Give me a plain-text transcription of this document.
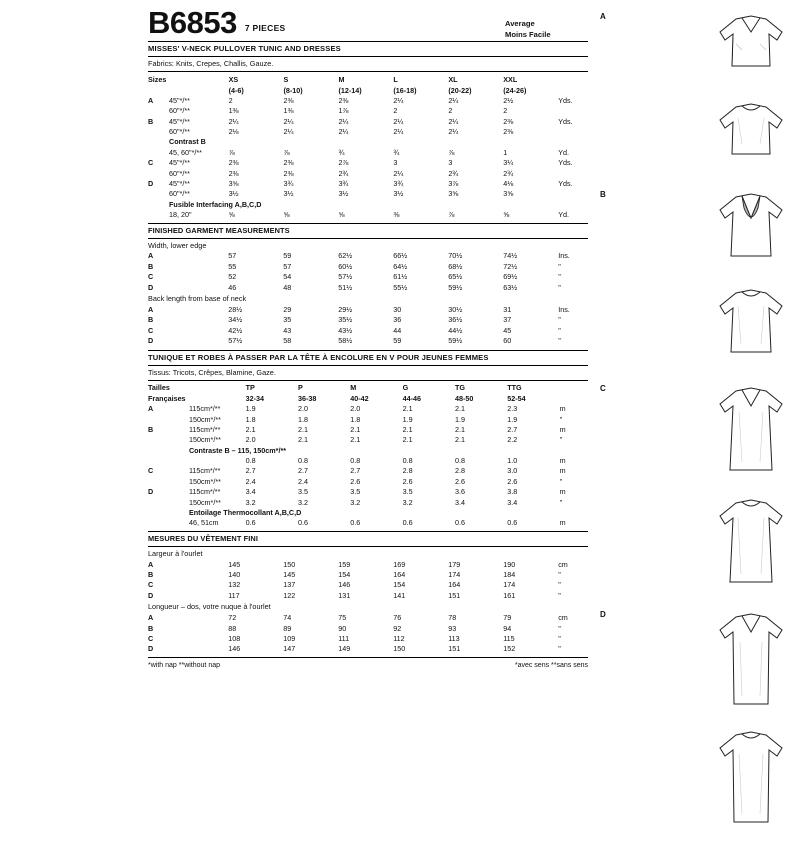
B6853 7 PIECES
MISSES' V-NECK PULLOVER TUNIC AND DRESSES
Fabrics: Knits, Crepes, Challis, Gauze.
Sizes		XS	S	M	L	XL	XXL	
		(4-6)	(8-10)	(12-14)	(16-18)	(20-22)	(24-26)	
A	45"*/**	2	2⅜	2⅜	2¼	2¼	2½	Yds.
	60"*/**	1⅜	1⅜	1⅞	2	2	2	
B	45"*/**	2¼	2¼	2¼	2¼	2¼	2⅜	Yds.
	60"*/**	2⅛	2¼	2¼	2¼	2¼	2⅜	
	Contrast B							
	45, 60"*/**	⅞	⅞	¾	¾	⅞	1	Yd.
C	45"*/**	2⅜	2⅜	2⅞	3	3	3¼	Yds.
	60"*/**	2⅜	2⅜	2¾	2¼	2¾	2¾	
D	45"*/**	3⅝	3¾	3¾	3¾	3⅞	4⅛	Yds.
	60"*/**	3½	3½	3½	3½	3⅝	3⅝	
	Fusible Interfacing A,B,C,D							
	18, 20"	⅝	⅝	⅝	⅜	⅞	⅝	Yd.
FINISHED GARMENT MEASUREMENTS
Width, lower edge
A		57	59	62½	66½	70½	74½	Ins.
B		55	57	60½	64½	68½	72½	"
C		52	54	57½	61½	65½	69½	"
D		46	48	51½	55½	59½	63½	"
Back length from base of neck
A		28½	29	29½	30	30½	31	Ins.
B		34½	35	35½	36	36½	37	"
C		42½	43	43½	44	44½	45	"
D		57½	58	58½	59	59½	60	"
TUNIQUE ET ROBES À PASSER PAR LA TÊTE À ENCOLURE EN V POUR JEUNES FEMMES
Tissus: Tricots, Crêpes, Blamine, Gaze.
Tailles		TP	P	M	G	TG	TTG	
Françaises		32-34	36-38	40-42	44-46	48-50	52-54	
A	115cm*/**	1.9	2.0	2.0	2.1	2.1	2.3	m
	150cm*/**	1.8	1.8	1.8	1.9	1.9	1.9	"
B	115cm*/**	2.1	2.1	2.1	2.1	2.1	2.7	m
	150cm*/**	2.0	2.1	2.1	2.1	2.1	2.2	"
	Contraste B – 115, 150cm*/**							
		0.8	0.8	0.8	0.8	0.8	1.0	m
C	115cm*/**	2.7	2.7	2.7	2.8	2.8	3.0	m
	150cm*/**	2.4	2.4	2.6	2.6	2.6	2.6	"
D	115cm*/**	3.4	3.5	3.5	3.5	3.6	3.8	m
	150cm*/**	3.2	3.2	3.2	3.2	3.4	3.4	"
	Entoilage Thermocollant A,B,C,D							
	46, 51cm	0.6	0.6	0.6	0.6	0.6	0.6	m
MESURES DU VÊTEMENT FINI
Largeur à l'ourlet
A		145	150	159	169	179	190	cm
B		140	145	154	164	174	184	"
C		132	137	146	154	164	174	"
D		117	122	131	141	151	161	"
Longueur – dos, votre nuque à l'ourlet
A		72	74	75	76	78	79	cm
B		88	89	90	92	93	94	"
C		108	109	111	112	113	115	"
D		146	147	149	150	151	152	"
*with nap **without nap	*avec sens **sans sens
Average
Moins Facile
A
B
C
D
